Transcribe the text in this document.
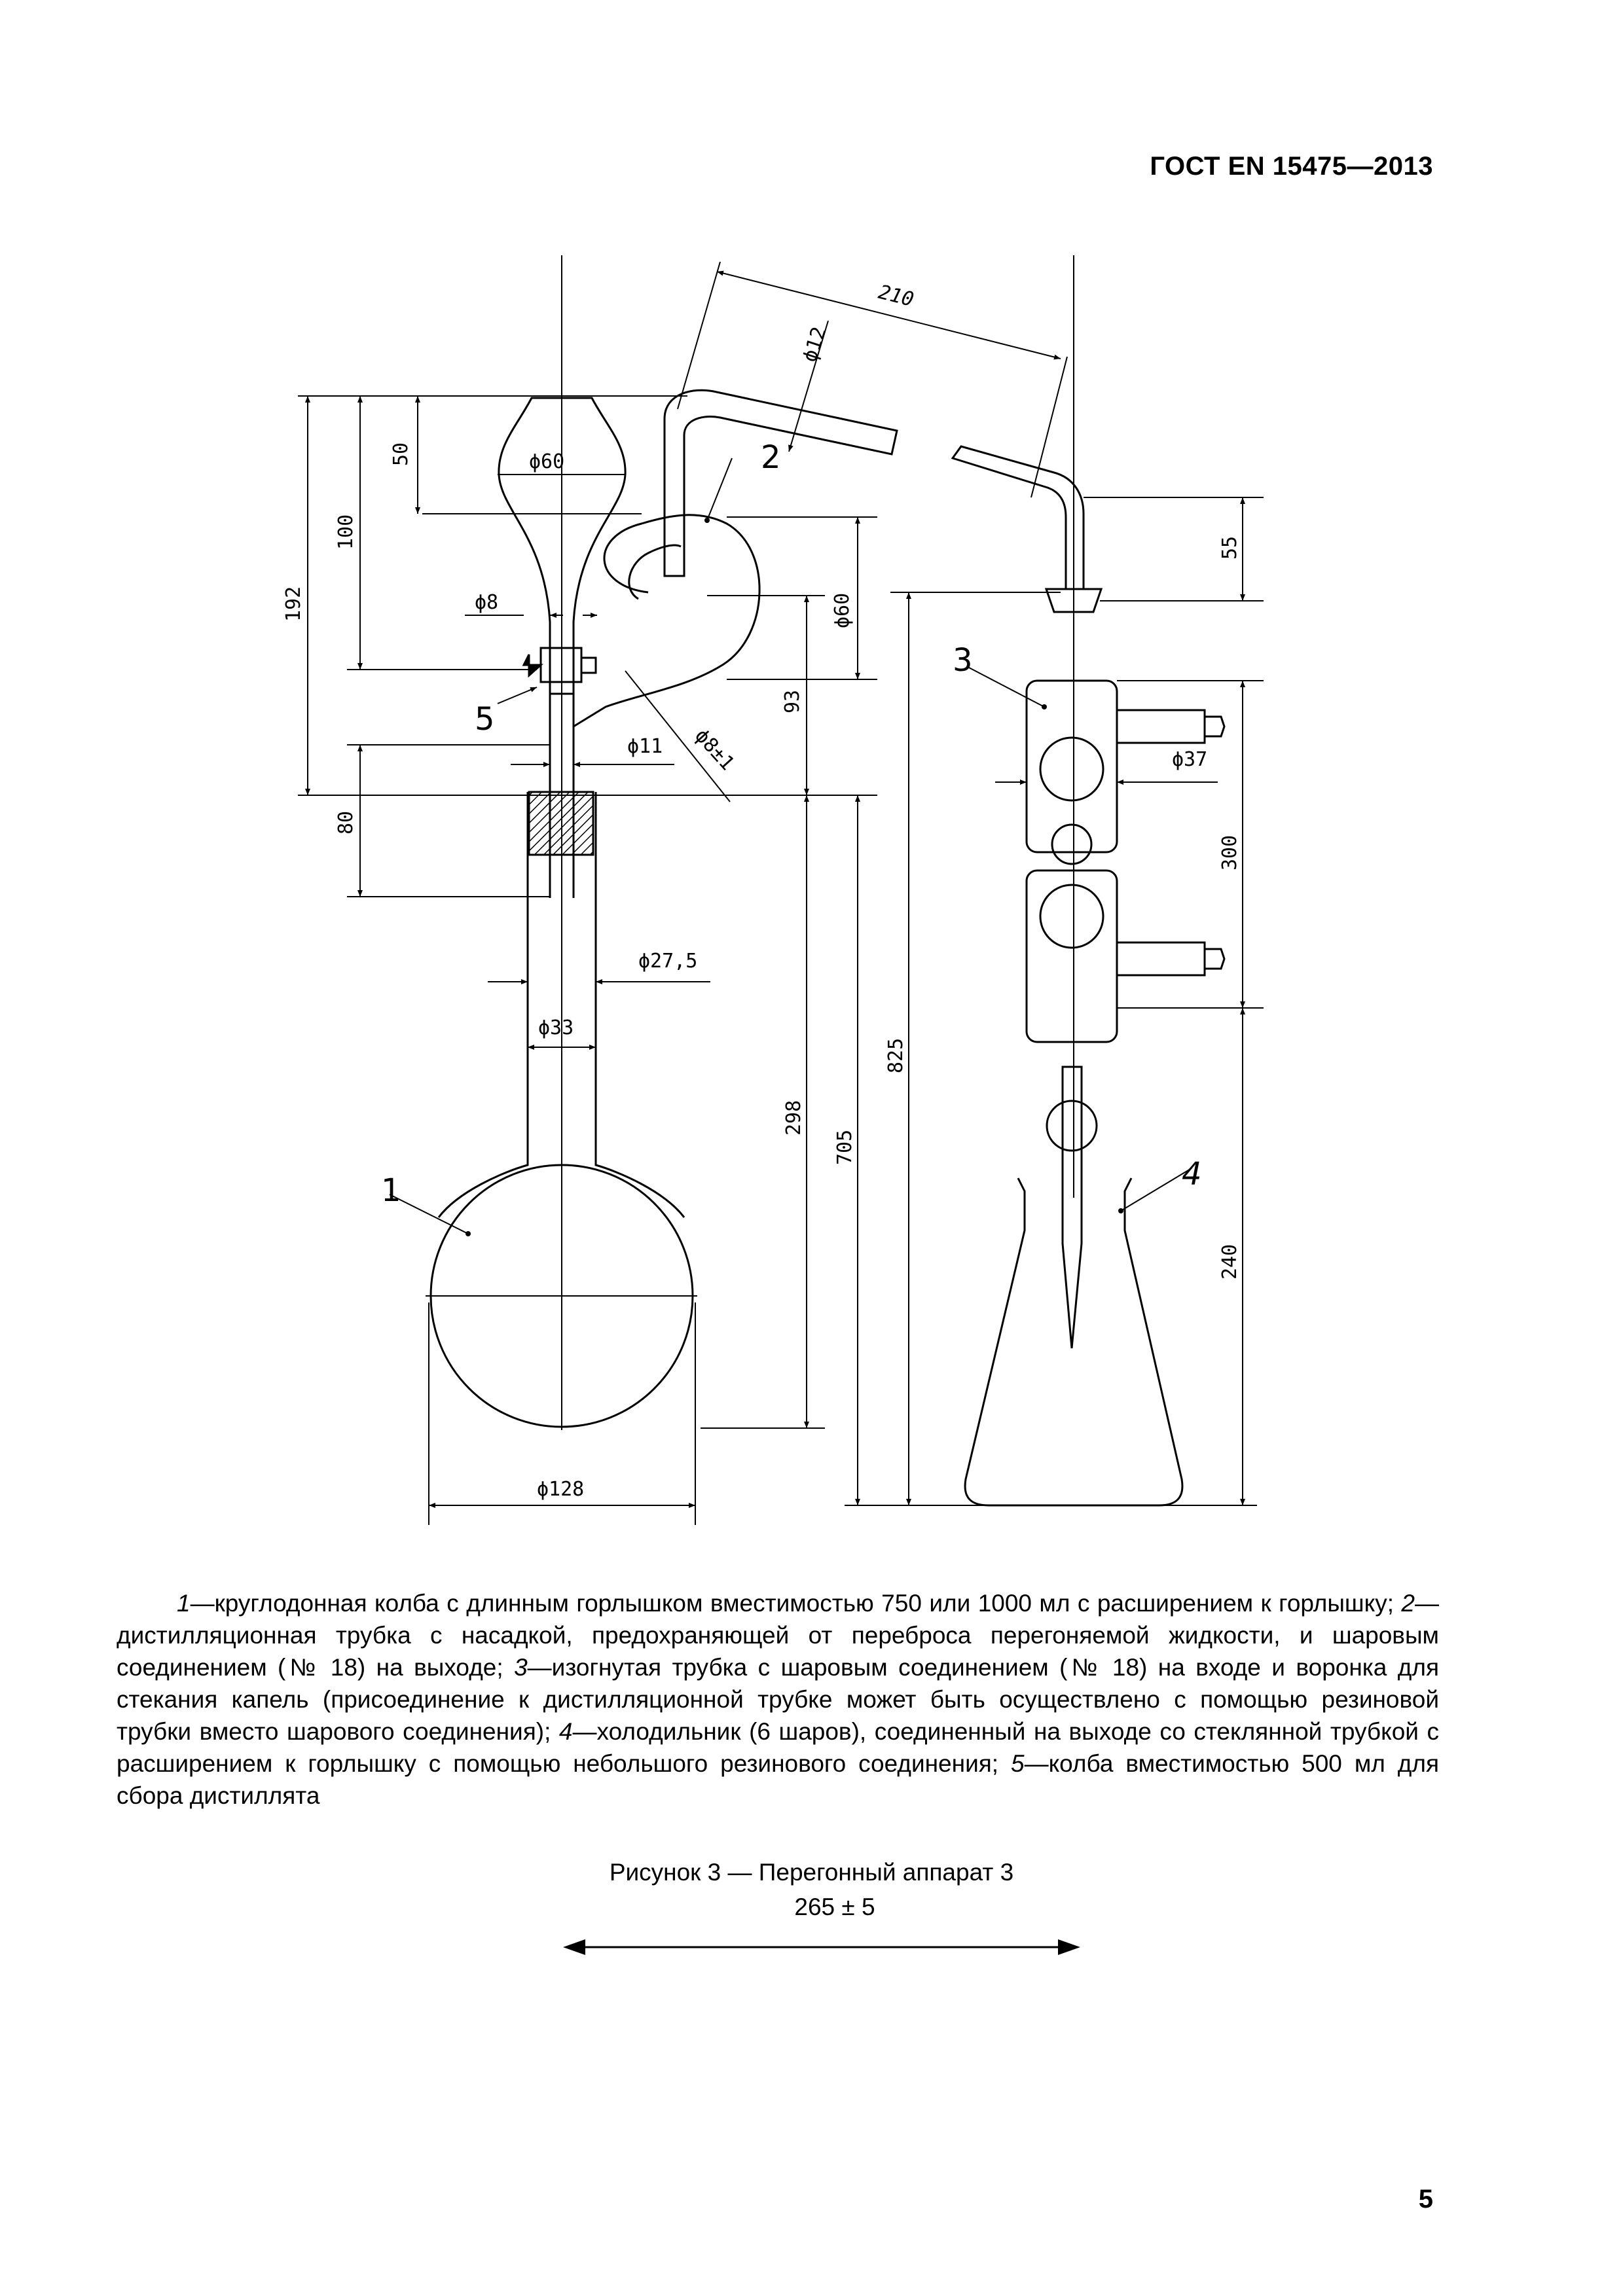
ГОСТ EN 15475—2013
210
ϕ12
50
100
192
ϕ60
ϕ60
ϕ8
ϕ11 ϕ8±1
93
80
ϕ27,5
ϕ33
298
705
825
55
ϕ37
300
240
ϕ128
1
2
3
4
5
1—круглодонная колба с длинным горлышком вместимостью 750 или 1000 мл с расширением к горлышку; 2—дистилляционная трубка с насадкой, предохраняющей от переброса перегоняемой жидкости, и шаровым соединением (№ 18) на выходе; 3—изогнутая трубка с шаровым соединением (№ 18) на входе и воронка для стекания капель (присоединение к дистилляционной трубке может быть осуществлено с помощью резиновой трубки вместо шарового соединения); 4—холодильник (6 шаров), соединенный на выходе со стеклянной трубкой с расширением к горлышку с помощью небольшого резинового соединения; 5—колба вместимостью 500 мл для сбора дистиллята
Рисунок 3 — Перегонный аппарат 3
265 ± 5
5
